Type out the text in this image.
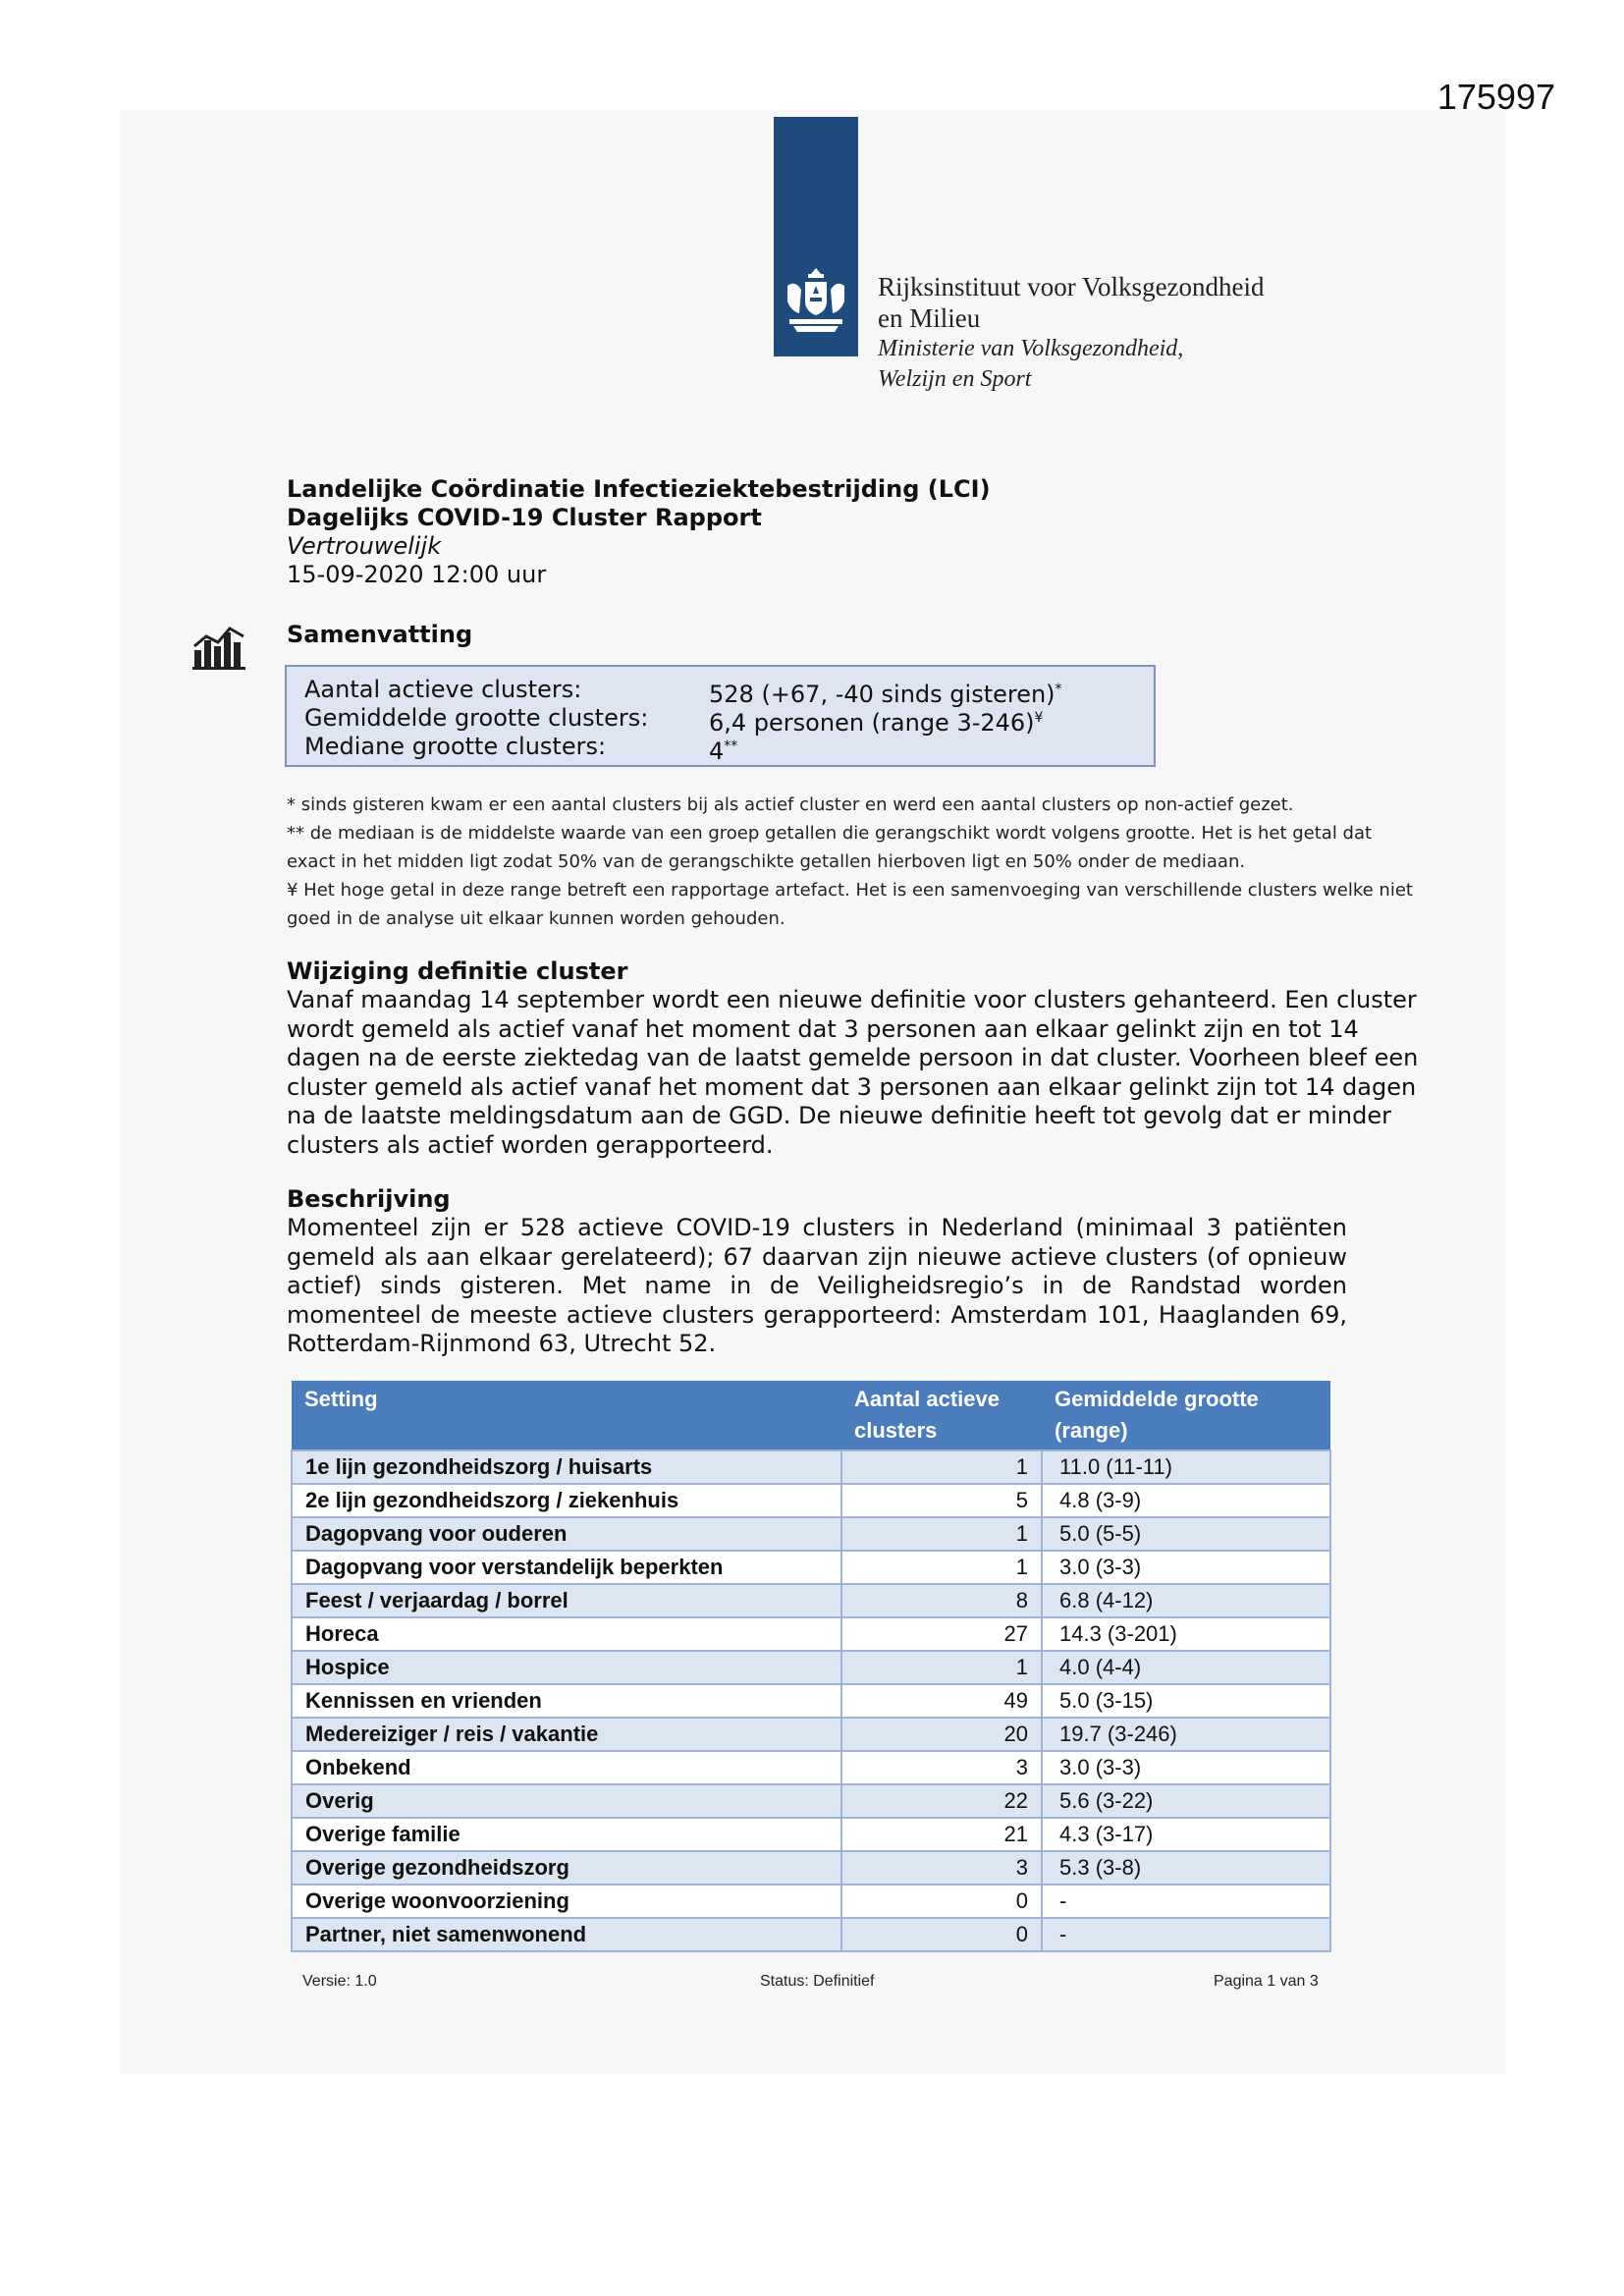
175997
Rijksinstituut voor Volksgezondheid
en Milieu
Ministerie van Volksgezondheid,
Welzijn en Sport
Landelijke Coördinatie Infectieziektebestrijding (LCI)
Dagelijks COVID-19 Cluster Rapport
Vertrouwelijk
15-09-2020 12:00 uur
Samenvatting
Aantal actieve clusters:	528 (+67, -40 sinds gisteren)*
Gemiddelde grootte clusters:	6,4 personen (range 3-246)¥
Mediane grootte clusters:	4**

* sinds gisteren kwam er een aantal clusters bij als actief cluster en werd een aantal clusters op non-actief gezet.

** de mediaan is de middelste waarde van een groep getallen die gerangschikt wordt volgens grootte. Het is het getal dat exact in het midden ligt zodat 50% van de gerangschikte getallen hierboven ligt en 50% onder de mediaan.

¥ Het hoge getal in deze range betreft een rapportage artefact. Het is een samenvoeging van verschillende clusters welke niet goed in de analyse uit elkaar kunnen worden gehouden.

Wijziging definitie cluster

Vanaf maandag 14 september wordt een nieuwe definitie voor clusters gehanteerd. Een cluster wordt gemeld als actief vanaf het moment dat 3 personen aan elkaar gelinkt zijn en tot 14 dagen na de eerste ziektedag van de laatst gemelde persoon in dat cluster. Voorheen bleef een cluster gemeld als actief vanaf het moment dat 3 personen aan elkaar gelinkt zijn tot 14 dagen na de laatste meldingsdatum aan de GGD. De nieuwe definitie heeft tot gevolg dat er minder clusters als actief worden gerapporteerd.

Beschrijving

Momenteel zijn er 528 actieve COVID-19 clusters in Nederland (minimaal 3 patiënten gemeld als aan elkaar gerelateerd); 67 daarvan zijn nieuwe actieve clusters (of opnieuw actief) sinds gisteren. Met name in de Veiligheidsregio’s in de Randstad worden momenteel de meeste actieve clusters gerapporteerd: Amsterdam 101, Haaglanden 69, Rotterdam-Rijnmond 63, Utrecht 52.

Setting	Aantal actieve clusters	Gemiddelde grootte (range)
1e lijn gezondheidszorg / huisarts	1	11.0 (11-11)
2e lijn gezondheidszorg / ziekenhuis	5	4.8 (3-9)
Dagopvang voor ouderen	1	5.0 (5-5)
Dagopvang voor verstandelijk beperkten	1	3.0 (3-3)
Feest / verjaardag / borrel	8	6.8 (4-12)
Horeca	27	14.3 (3-201)
Hospice	1	4.0 (4-4)
Kennissen en vrienden	49	5.0 (3-15)
Medereiziger / reis / vakantie	20	19.7 (3-246)
Onbekend	3	3.0 (3-3)
Overig	22	5.6 (3-22)
Overige familie	21	4.3 (3-17)
Overige gezondheidszorg	3	5.3 (3-8)
Overige woonvoorziening	0	-
Partner, niet samenwonend	0	-
Versie: 1.0	Status: Definitief	Pagina 1 van 3
